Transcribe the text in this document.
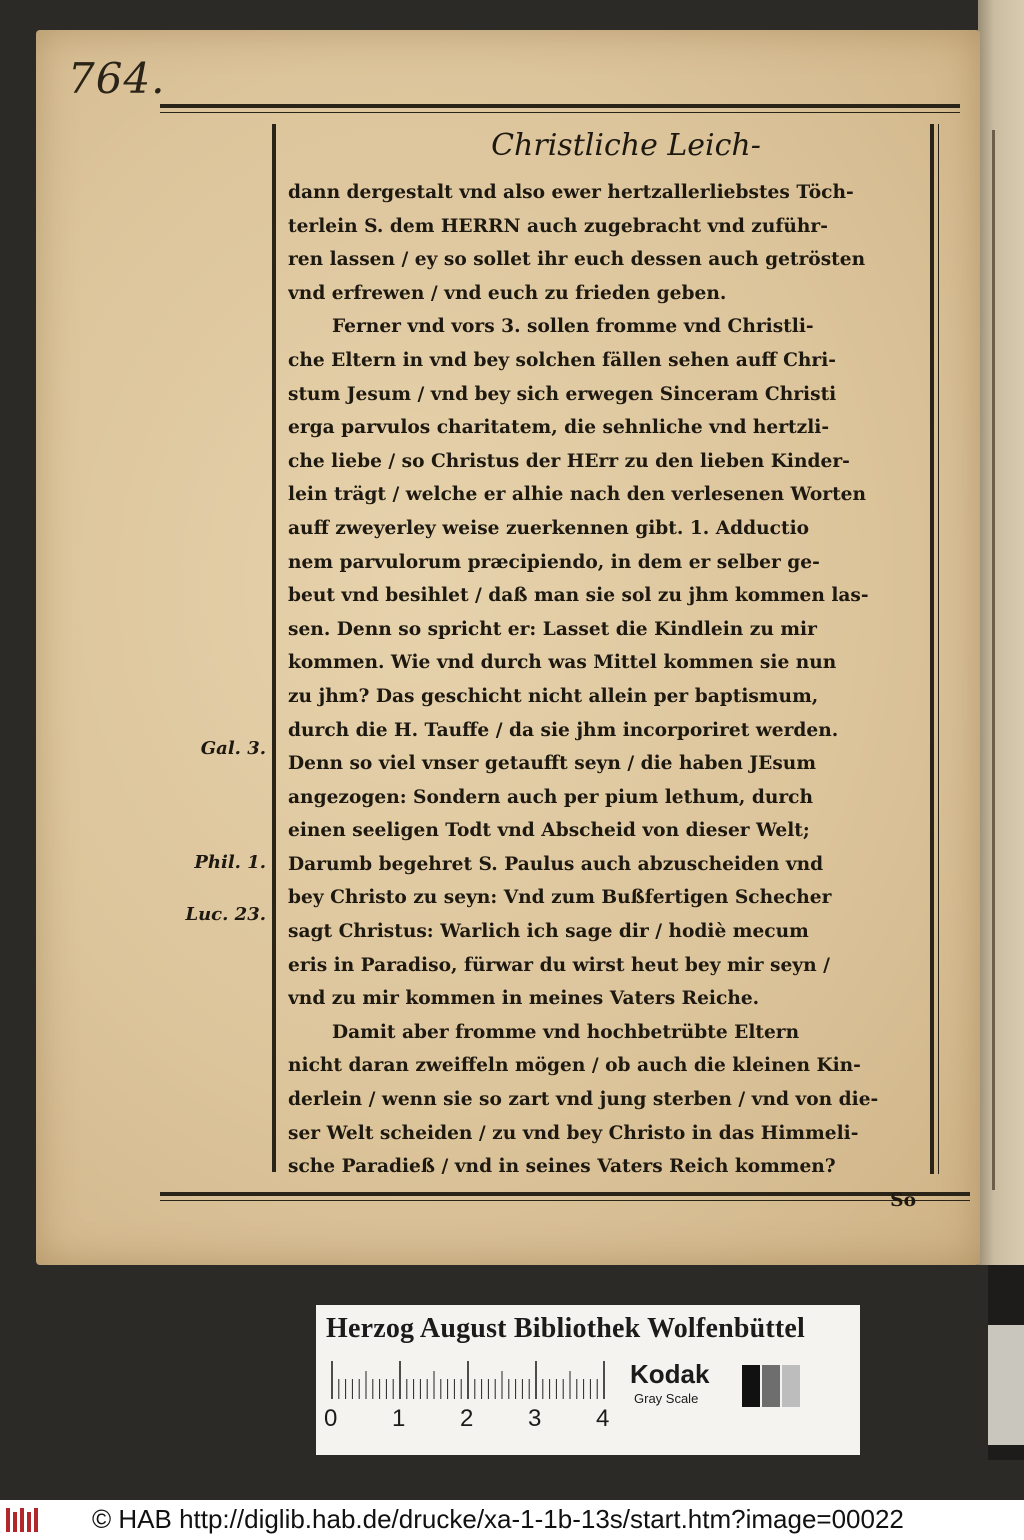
764.
Christliche Leich-
dann dergestalt vnd also ewer hertzallerliebstes Töch-
terlein S. dem HERRN auch zugebracht vnd zuführ-
ren lassen / ey so sollet ihr euch dessen auch getrösten
vnd erfrewen / vnd euch zu frieden geben.
Ferner vnd vors 3. sollen fromme vnd Christli-
che Eltern in vnd bey solchen fällen sehen auff Chri-
stum Jesum / vnd bey sich erwegen Sinceram Christi
erga parvulos charitatem, die sehnliche vnd hertzli-
che liebe / so Christus der HErr zu den lieben Kinder-
lein trägt / welche er alhie nach den verlesenen Worten
auff zweyerley weise zuerkennen gibt. 1. Adductio
nem parvulorum præcipiendo, in dem er selber ge-
beut vnd besihlet / daß man sie sol zu jhm kommen las-
sen. Denn so spricht er: Lasset die Kindlein zu mir
kommen. Wie vnd durch was Mittel kommen sie nun
zu jhm? Das geschicht nicht allein per baptismum,
durch die H. Tauffe / da sie jhm incorporiret werden.
Denn so viel vnser getaufft seyn / die haben JEsum
angezogen: Sondern auch per pium lethum, durch
einen seeligen Todt vnd Abscheid von dieser Welt;
Darumb begehret S. Paulus auch abzuscheiden vnd
bey Christo zu seyn: Vnd zum Bußfertigen Schecher
sagt Christus: Warlich ich sage dir / hodiè mecum
eris in Paradiso, fürwar du wirst heut bey mir seyn /
vnd zu mir kommen in meines Vaters Reiche.
Damit aber fromme vnd hochbetrübte Eltern
nicht daran zweiffeln mögen / ob auch die kleinen Kin-
derlein / wenn sie so zart vnd jung sterben / vnd von die-
ser Welt scheiden / zu vnd bey Christo in das Himmeli-
sche Paradieß / vnd in seines Vaters Reich kommen?
So
Gal. 3.
Phil. 1.
Luc. 23.
Herzog August Bibliothek Wolfenbüttel
0 1 2 3 4
Kodak
Gray Scale
© HAB http://diglib.hab.de/drucke/xa-1-1b-13s/start.htm?image=00022
